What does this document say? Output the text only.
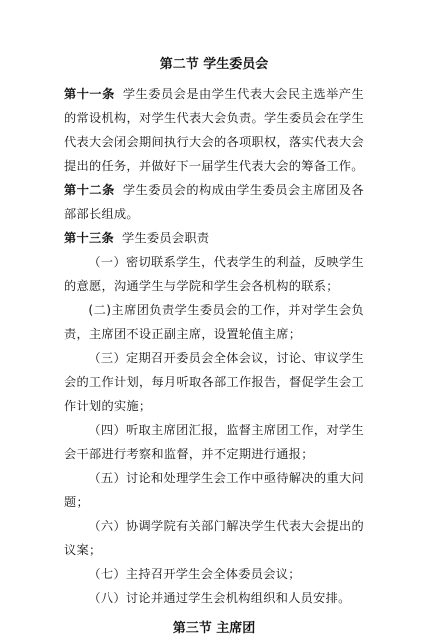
第二节 学生委员会

第十一条 学生委员会是由学生代表大会民主选举产生的常设机构，对学生代表大会负责。学生委员会在学生代表大会闭会期间执行大会的各项职权，落实代表大会提出的任务，并做好下一届学生代表大会的筹备工作。

第十二条 学生委员会的构成由学生委员会主席团及各部部长组成。

第十三条 学生委员会职责

（一）密切联系学生，代表学生的利益，反映学生的意愿，沟通学生与学院和学生会各机构的联系；

(二)主席团负责学生委员会的工作，并对学生会负责，主席团不设正副主席，设置轮值主席；

（三）定期召开委员会全体会议，讨论、审议学生会的工作计划，每月听取各部工作报告，督促学生会工作计划的实施；

（四）听取主席团汇报，监督主席团工作，对学生会干部进行考察和监督，并不定期进行通报；

（五）讨论和处理学生会工作中亟待解决的重大问题；

（六）协调学院有关部门解决学生代表大会提出的议案；

（七）主持召开学生会全体委员会议；

（八）讨论并通过学生会机构组织和人员安排。

第三节 主席团
